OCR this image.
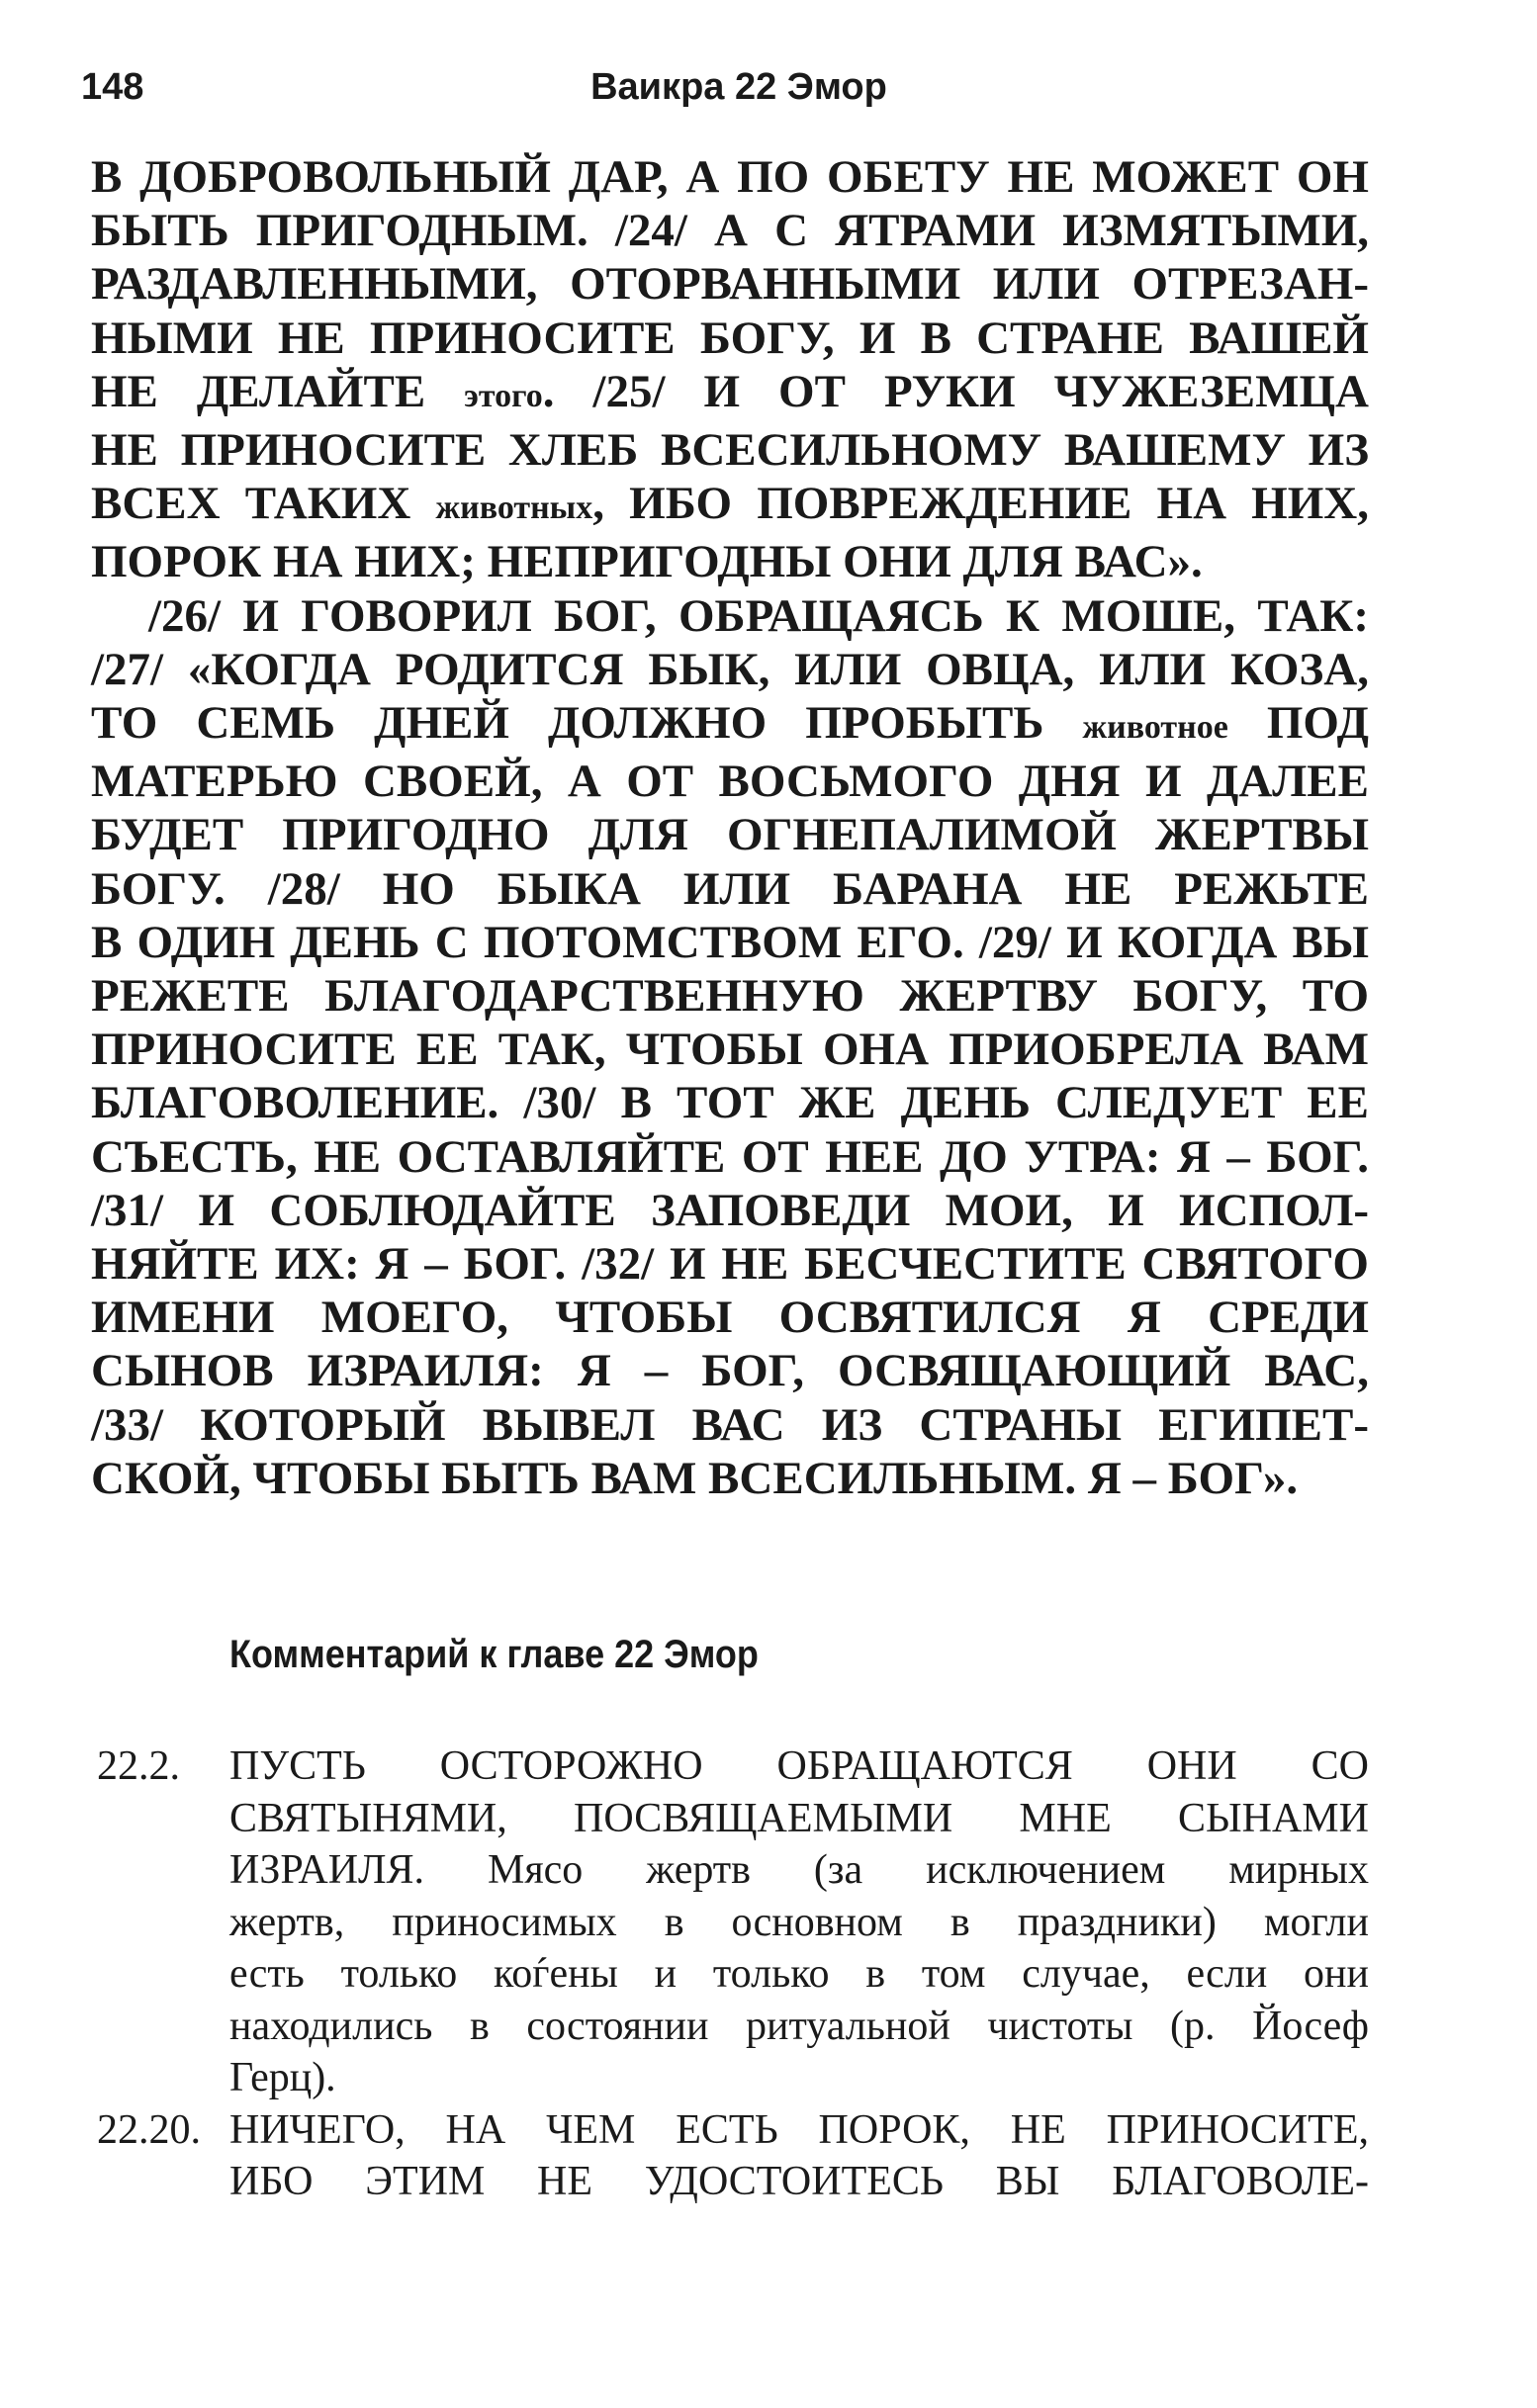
148	Ваикра 22 Эмор

В ДОБРОВОЛЬНЫЙ ДАР, А ПО ОБЕТУ НЕ МОЖЕТ ОН
БЫТЬ ПРИГОДНЫМ. /24/ А С ЯТРАМИ ИЗМЯТЫМИ,
РАЗДАВЛЕННЫМИ, ОТОРВАННЫМИ ИЛИ ОТРЕЗАН-
НЫМИ НЕ ПРИНОСИТЕ БОГУ, И В СТРАНЕ ВАШЕЙ
НЕ ДЕЛАЙТЕ этого. /25/ И ОТ РУКИ ЧУЖЕЗЕМЦА
НЕ ПРИНОСИТЕ ХЛЕБ ВСЕСИЛЬНОМУ ВАШЕМУ ИЗ
ВСЕХ ТАКИХ животных, ИБО ПОВРЕЖДЕНИЕ НА НИХ,
ПОРОК НА НИХ; НЕПРИГОДНЫ ОНИ ДЛЯ ВАС».

/26/ И ГОВОРИЛ БОГ, ОБРАЩАЯСЬ К МОШЕ, ТАК:
/27/ «КОГДА РОДИТСЯ БЫК, ИЛИ ОВЦА, ИЛИ КОЗА,
ТО СЕМЬ ДНЕЙ ДОЛЖНО ПРОБЫТЬ животное ПОД
МАТЕРЬЮ СВОЕЙ, А ОТ ВОСЬМОГО ДНЯ И ДАЛЕЕ
БУДЕТ ПРИГОДНО ДЛЯ ОГНЕПАЛИМОЙ ЖЕРТВЫ
БОГУ. /28/ НО БЫКА ИЛИ БАРАНА НЕ РЕЖЬТЕ
В ОДИН ДЕНЬ С ПОТОМСТВОМ ЕГО. /29/ И КОГДА ВЫ
РЕЖЕТЕ БЛАГОДАРСТВЕННУЮ ЖЕРТВУ БОГУ, ТО
ПРИНОСИТЕ ЕЕ ТАК, ЧТОБЫ ОНА ПРИОБРЕЛА ВАМ
БЛАГОВОЛЕНИЕ. /30/ В ТОТ ЖЕ ДЕНЬ СЛЕДУЕТ ЕЕ
СЪЕСТЬ, НЕ ОСТАВЛЯЙТЕ ОТ НЕЕ ДО УТРА: Я – БОГ.
/31/ И СОБЛЮДАЙТЕ ЗАПОВЕДИ МОИ, И ИСПОЛ-
НЯЙТЕ ИХ: Я – БОГ. /32/ И НЕ БЕСЧЕСТИТЕ СВЯТОГО
ИМЕНИ МОЕГО, ЧТОБЫ ОСВЯТИЛСЯ Я СРЕДИ
СЫНОВ ИЗРАИЛЯ: Я – БОГ, ОСВЯЩАЮЩИЙ ВАС,
/33/ КОТОРЫЙ ВЫВЕЛ ВАС ИЗ СТРАНЫ ЕГИПЕТ-
СКОЙ, ЧТОБЫ БЫТЬ ВАМ ВСЕСИЛЬНЫМ. Я – БОГ».

Комментарий к главе 22 Эмор
22.2. ПУСТЬ ОСТОРОЖНО ОБРАЩАЮТСЯ ОНИ СО
СВЯТЫНЯМИ, ПОСВЯЩАЕМЫМИ МНЕ СЫНАМИ
ИЗРАИЛЯ. Мясо жертв (за исключением мирных
жертв, приносимых в основном в праздники) могли
есть только коѓены и только в том случае, если они
находились в состоянии ритуальной чистоты (р. Йосеф
Герц).
22.20. НИЧЕГО, НА ЧЕМ ЕСТЬ ПОРОК, НЕ ПРИНОСИТЕ,
ИБО ЭТИМ НЕ УДОСТОИТЕСЬ ВЫ БЛАГОВОЛЕ-
